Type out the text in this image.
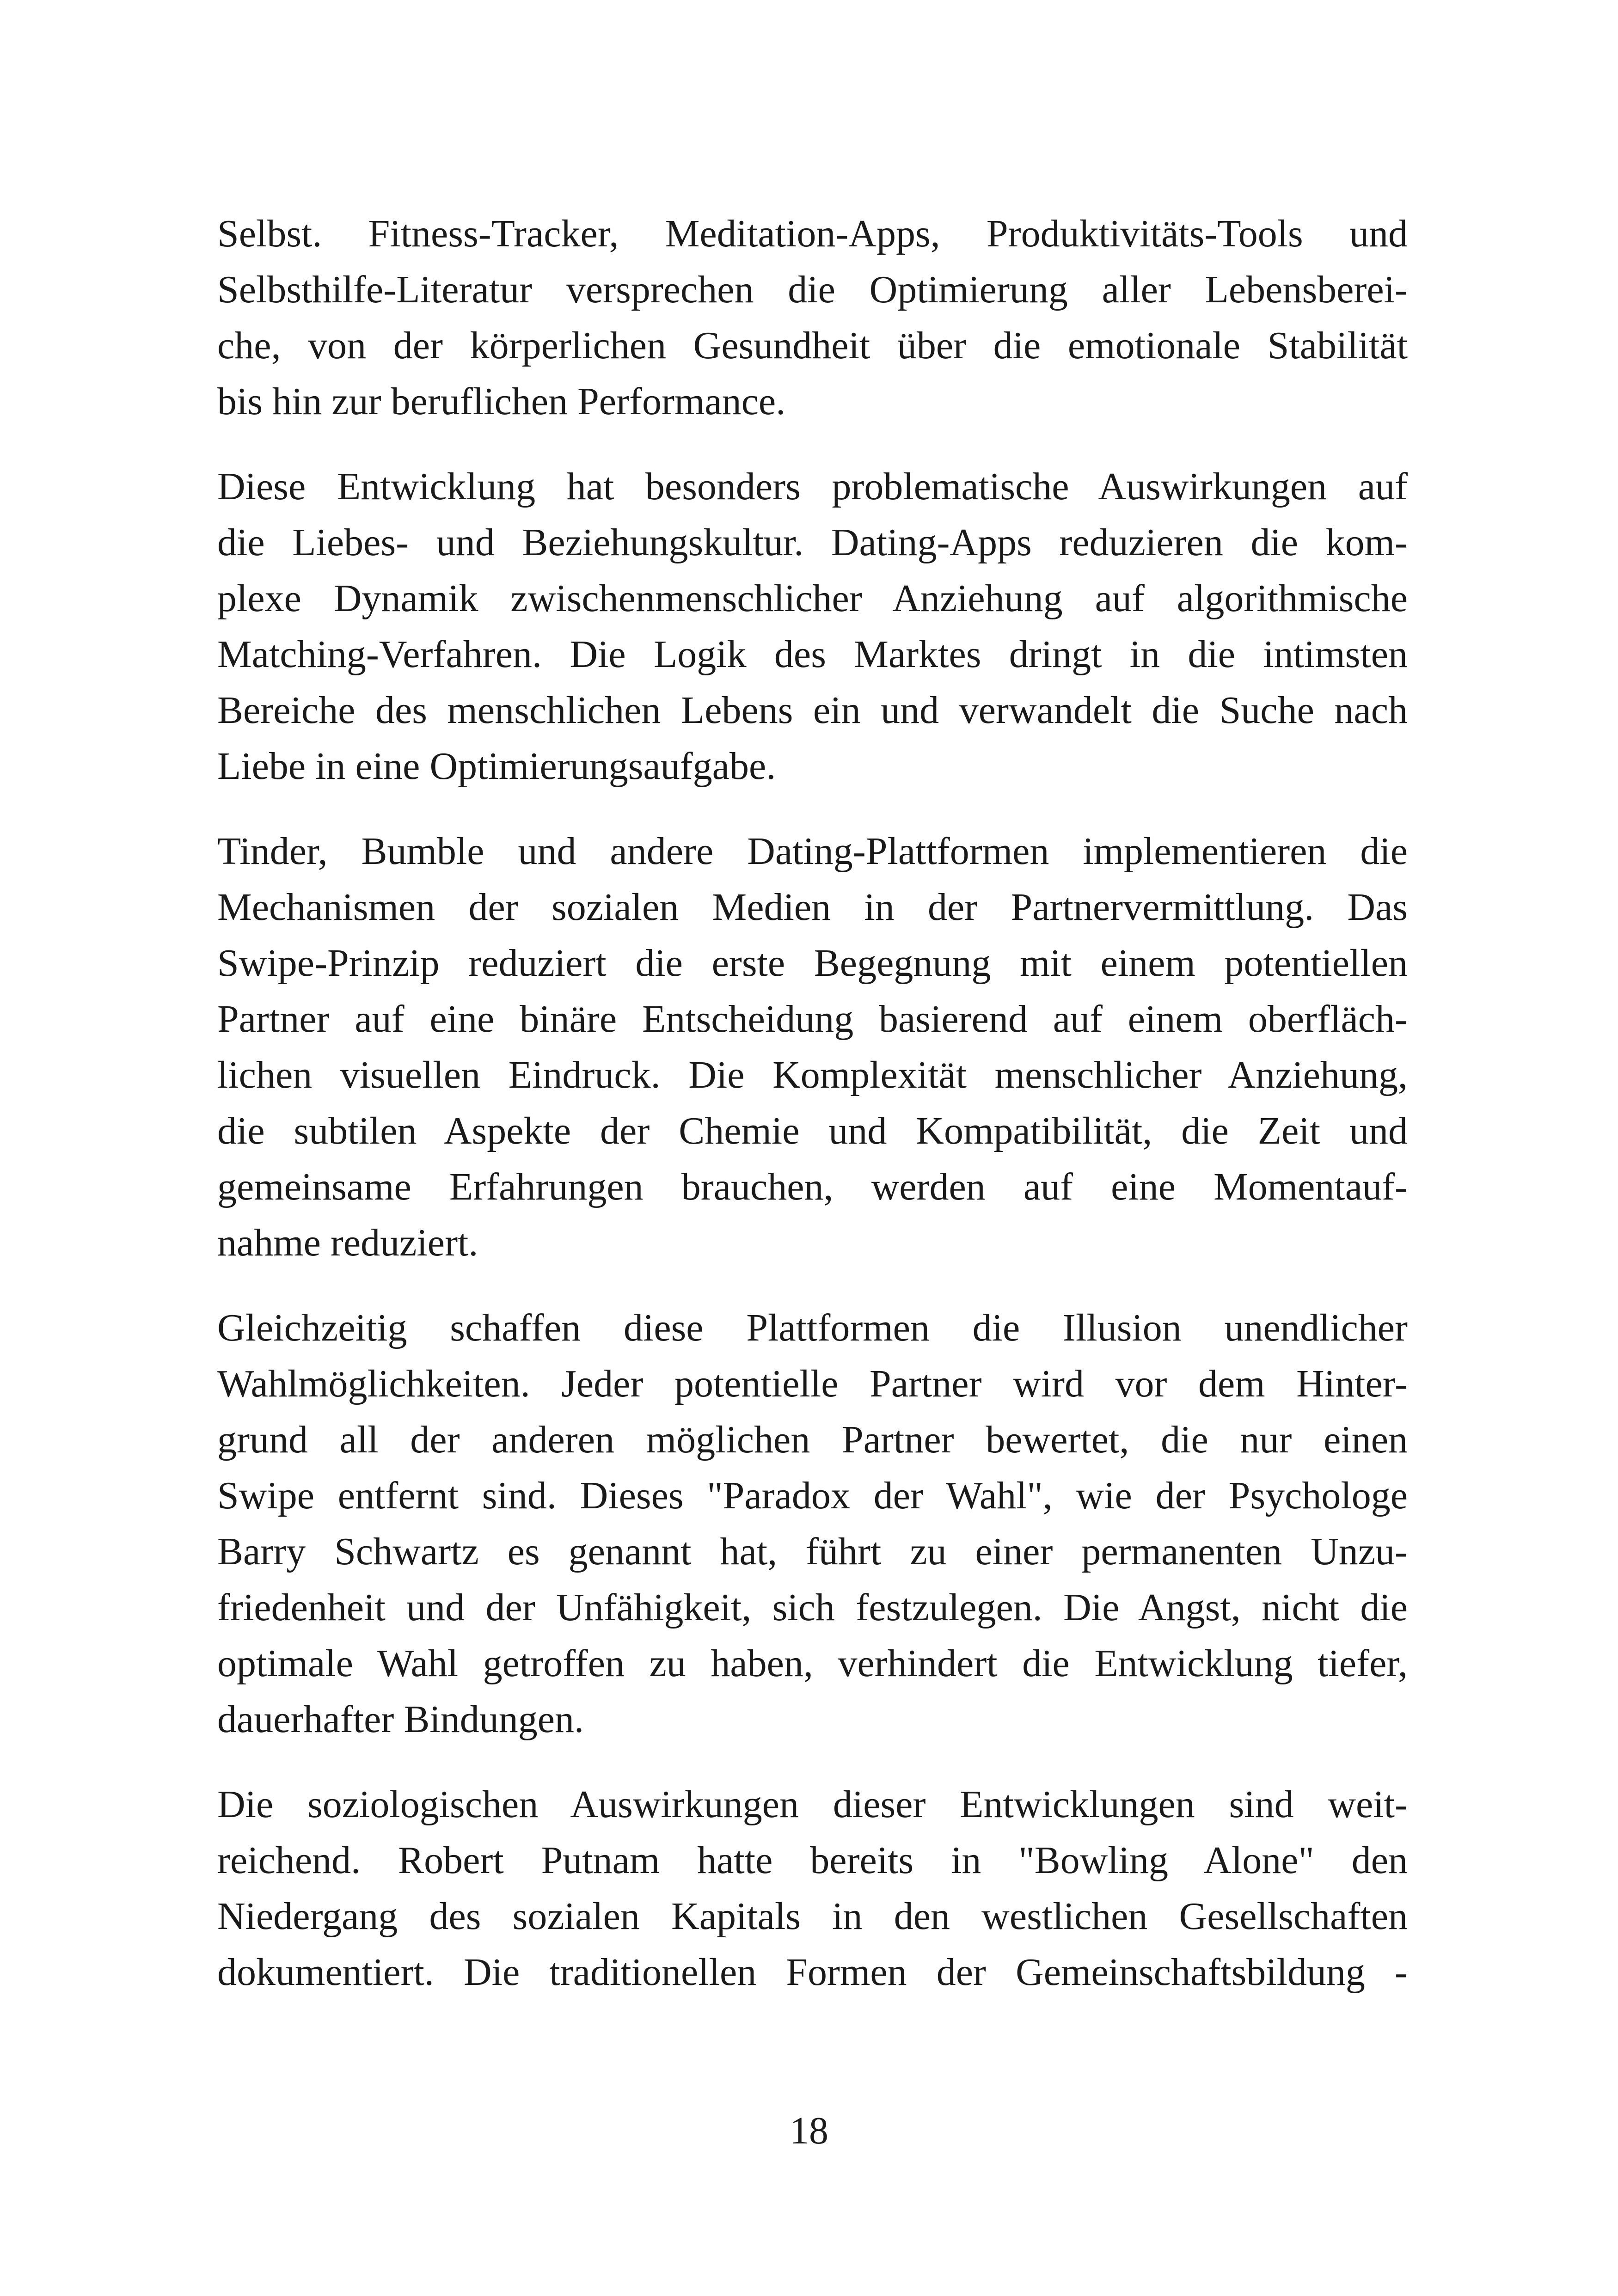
Selbst. Fitness-Tracker, Meditation-Apps, Produktivitäts-Tools und
Selbsthilfe-Literatur versprechen die Optimierung aller Lebensberei-
che, von der körperlichen Gesundheit über die emotionale Stabilität
bis hin zur beruflichen Performance.

Diese Entwicklung hat besonders problematische Auswirkungen auf
die Liebes- und Beziehungskultur. Dating-Apps reduzieren die kom-
plexe Dynamik zwischenmenschlicher Anziehung auf algorithmische
Matching-Verfahren. Die Logik des Marktes dringt in die intimsten
Bereiche des menschlichen Lebens ein und verwandelt die Suche nach
Liebe in eine Optimierungsaufgabe.

Tinder, Bumble und andere Dating-Plattformen implementieren die
Mechanismen der sozialen Medien in der Partnervermittlung. Das
Swipe-Prinzip reduziert die erste Begegnung mit einem potentiellen
Partner auf eine binäre Entscheidung basierend auf einem oberfläch-
lichen visuellen Eindruck. Die Komplexität menschlicher Anziehung,
die subtilen Aspekte der Chemie und Kompatibilität, die Zeit und
gemeinsame Erfahrungen brauchen, werden auf eine Momentauf-
nahme reduziert.

Gleichzeitig schaffen diese Plattformen die Illusion unendlicher
Wahlmöglichkeiten. Jeder potentielle Partner wird vor dem Hinter-
grund all der anderen möglichen Partner bewertet, die nur einen
Swipe entfernt sind. Dieses "Paradox der Wahl", wie der Psychologe
Barry Schwartz es genannt hat, führt zu einer permanenten Unzu-
friedenheit und der Unfähigkeit, sich festzulegen. Die Angst, nicht die
optimale Wahl getroffen zu haben, verhindert die Entwicklung tiefer,
dauerhafter Bindungen.

Die soziologischen Auswirkungen dieser Entwicklungen sind weit-
reichend. Robert Putnam hatte bereits in "Bowling Alone" den
Niedergang des sozialen Kapitals in den westlichen Gesellschaften
dokumentiert. Die traditionellen Formen der Gemeinschaftsbildung -

18
